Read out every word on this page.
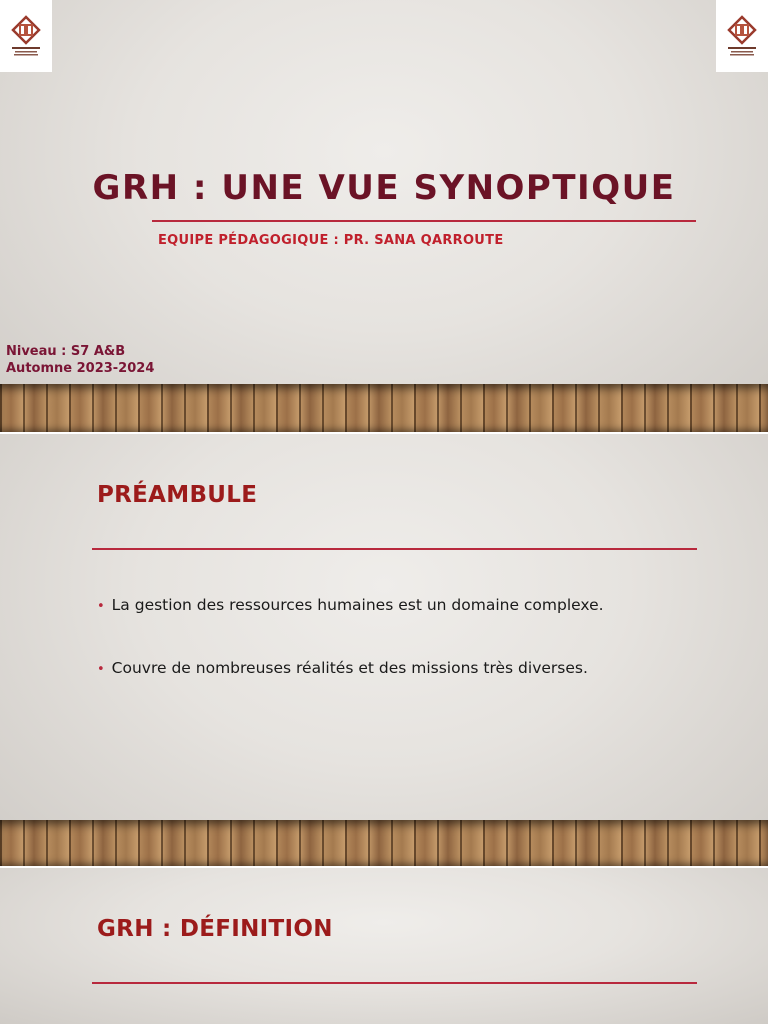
GRH : UNE VUE SYNOPTIQUE
EQUIPE PÉDAGOGIQUE : PR. SANA QARROUTE
Niveau : S7 A&B
Automne 2023-2024
PRÉAMBULE
• La gestion des ressources humaines est un domaine complexe.
• Couvre de nombreuses réalités et des missions très diverses.
GRH : DÉFINITION
